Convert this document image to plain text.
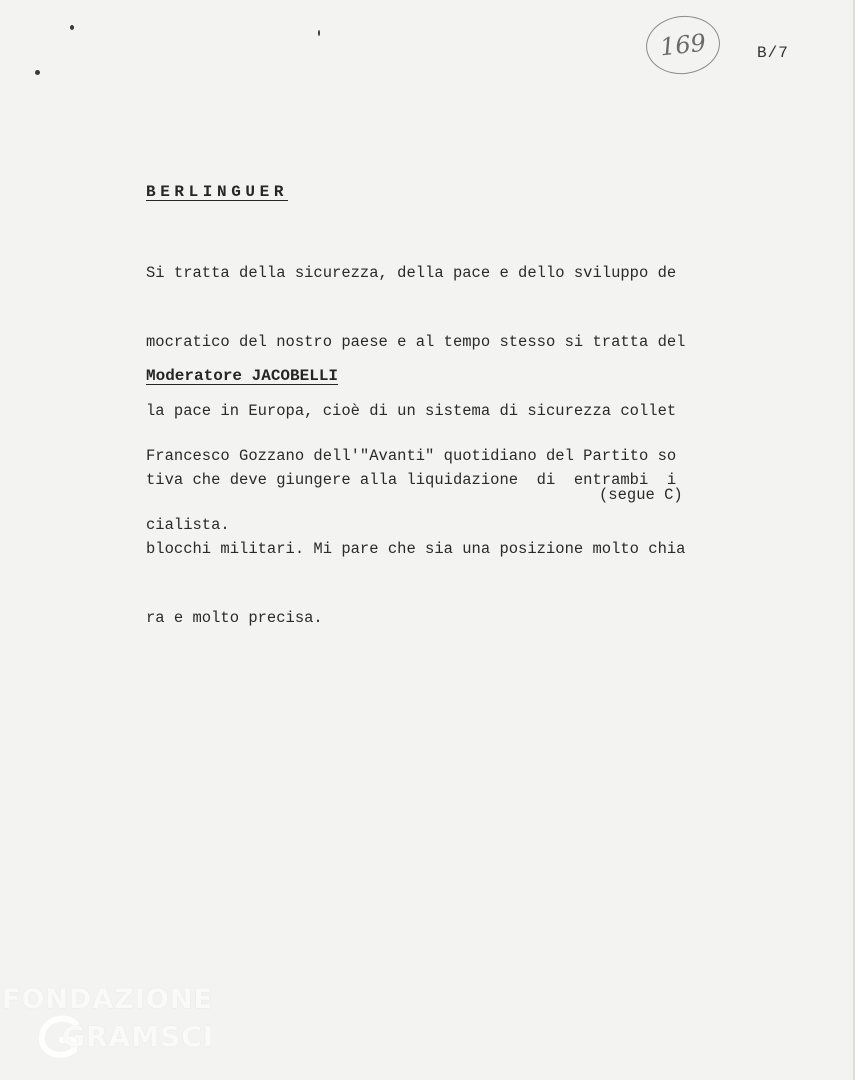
169	B/7
BERLINGUER

Si tratta della sicurezza, della pace e dello sviluppo de

mocratico del nostro paese e al tempo stesso si tratta del

la pace in Europa, cioè di un sistema di sicurezza collet

tiva che deve giungere alla liquidazione  di  entrambi  i

blocchi militari. Mi pare che sia una posizione molto chia

ra e molto precisa.

Moderatore JACOBELLI

Francesco Gozzano dell'"Avanti" quotidiano del Partito so

cialista.

(segue C)
FONDAZIONE
GRAMSCI
